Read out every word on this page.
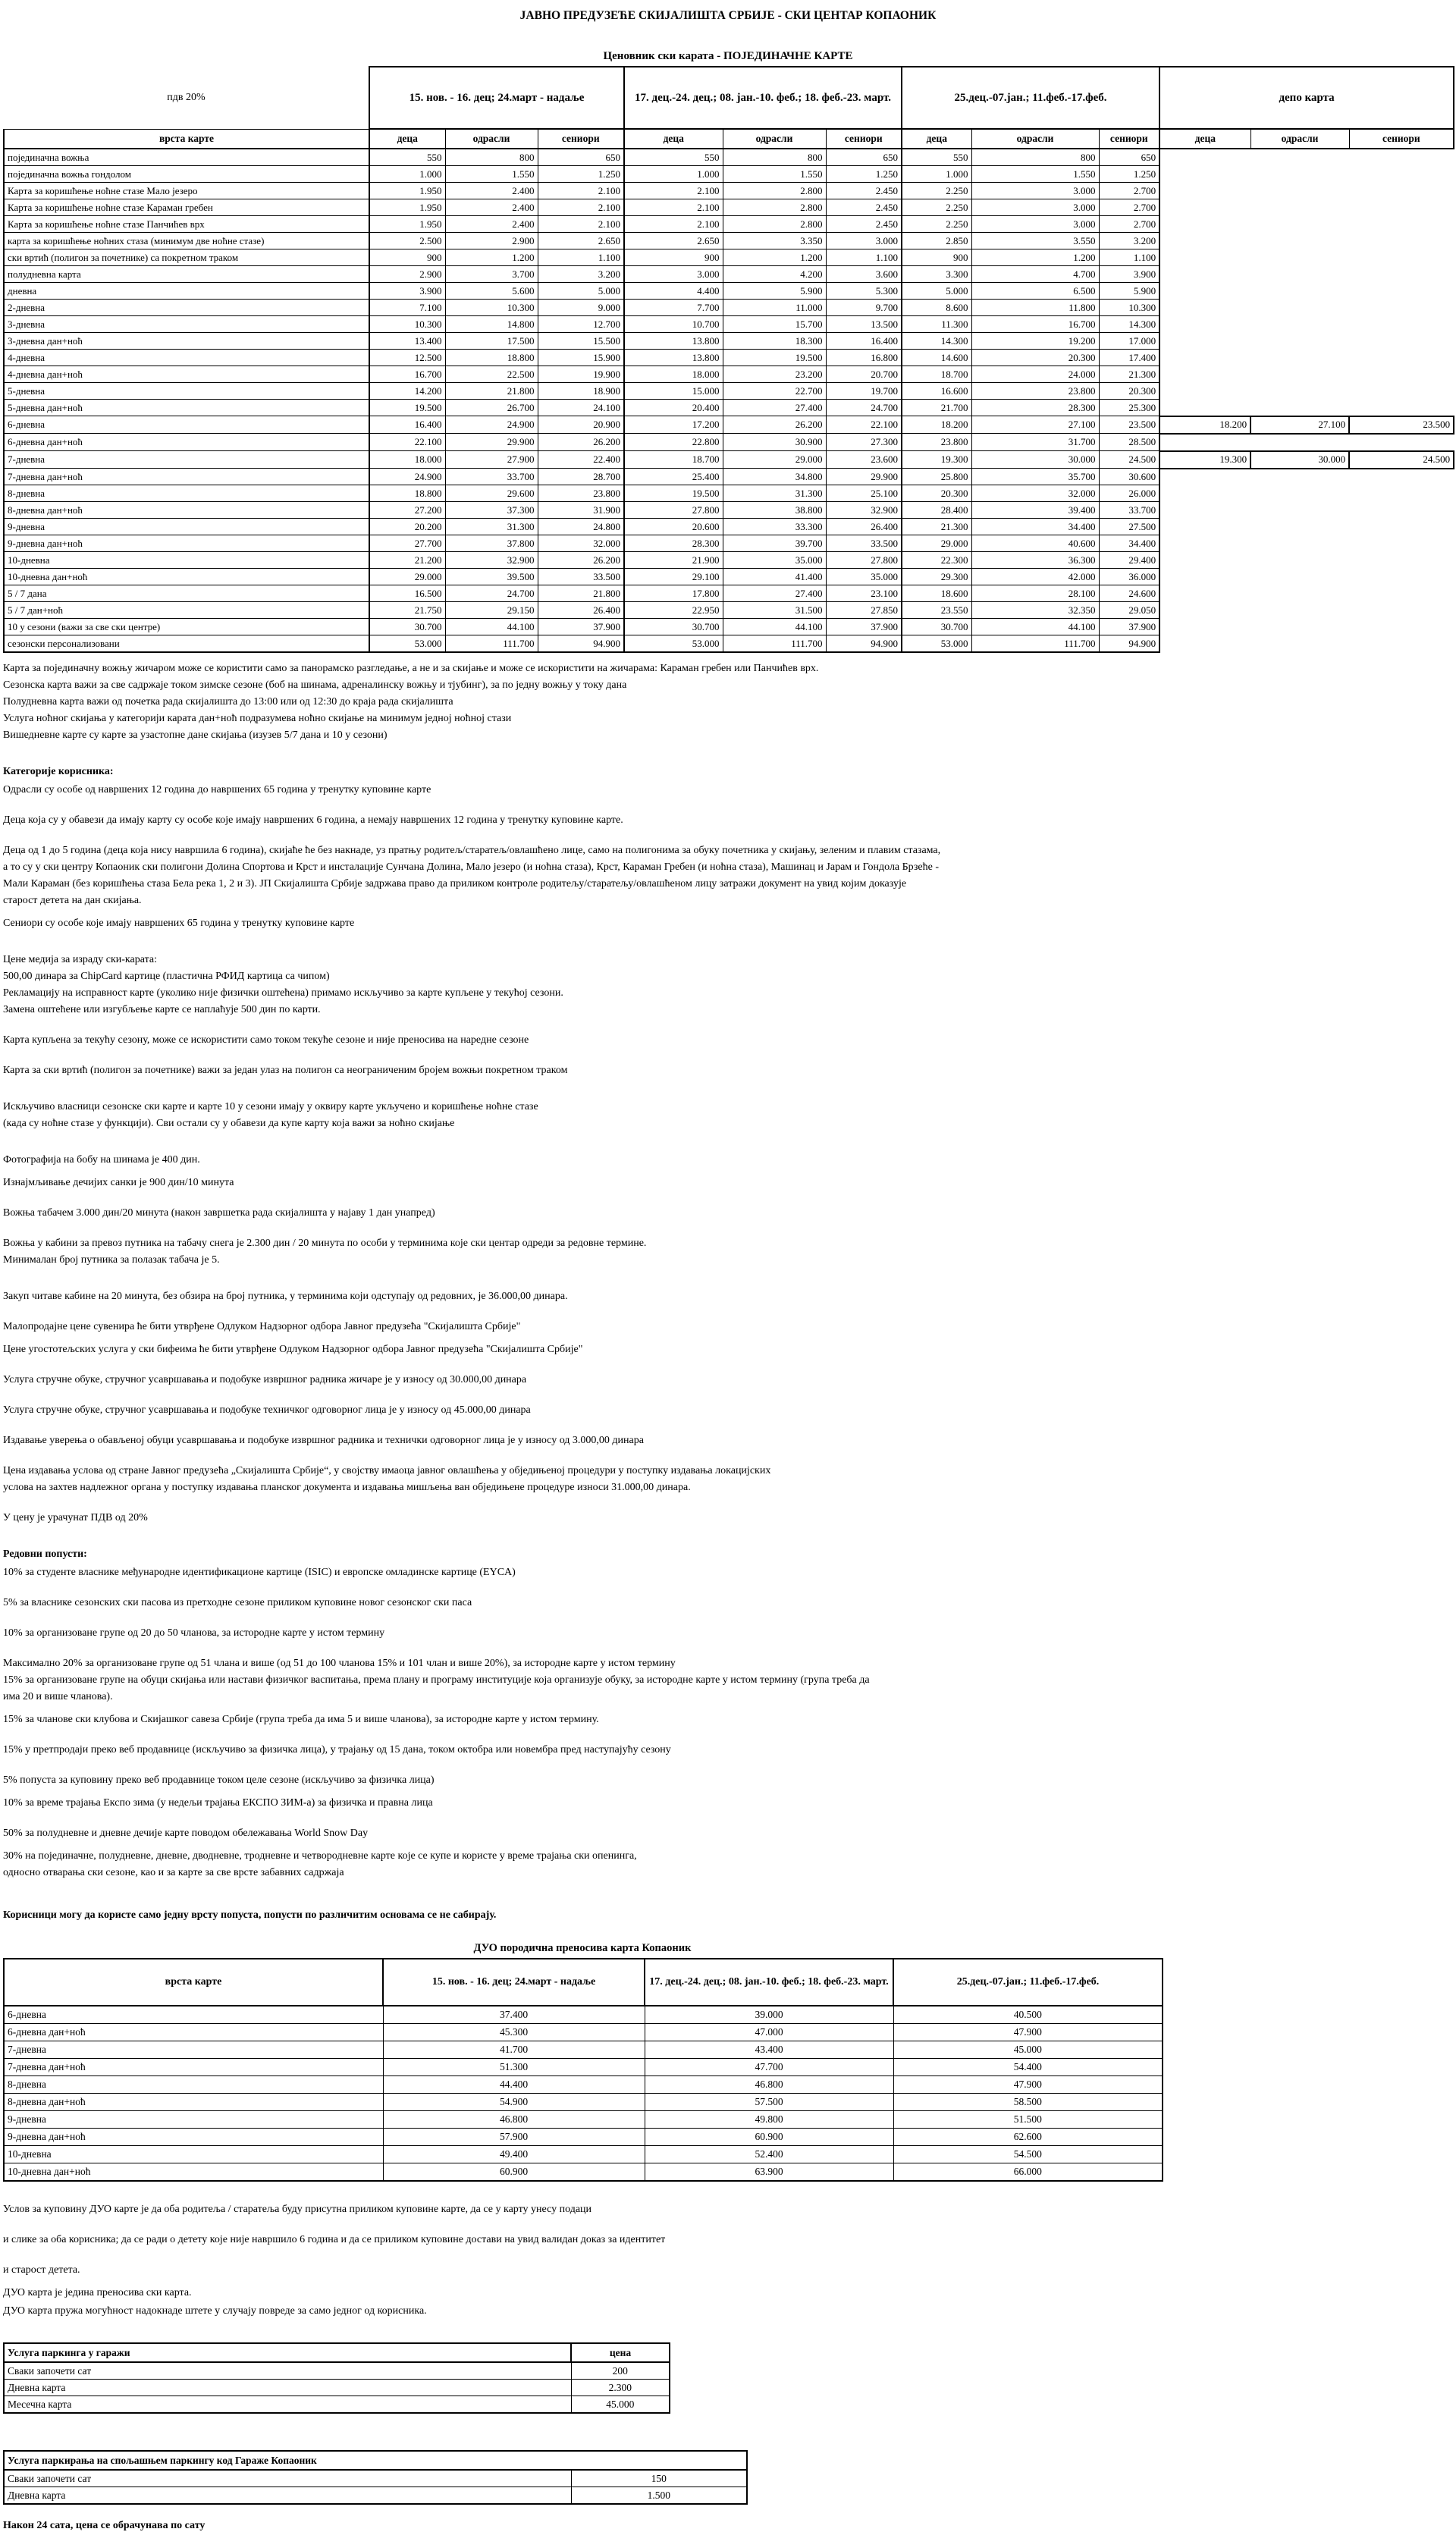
ЈАВНО ПРЕДУЗЕЋЕ СКИЈАЛИШТА СРБИЈЕ - СКИ ЦЕНТАР КОПАОНИК
Ценовник ски карата - ПОЈЕДИНАЧНЕ КАРТЕ
пдв 20%	15. нов. - 16. дец; 24.март - надаље			17. дец.-24. дец.; 08. јан.-10. феб.; 18. феб.-23. март.			25.дец.-07.јан.; 11.феб.-17.феб.			депо карта		
врста карте	деца	одрасли	сениори	деца	одрасли	сениори	деца	одрасли	сениори	деца	одрасли	сениори
појединачна вожња	550	800	650	550	800	650	550	800	650			
појединачна вожња гондолом	1.000	1.550	1.250	1.000	1.550	1.250	1.000	1.550	1.250			
Карта за коришћење ноћне стазе Мало језеро	1.950	2.400	2.100	2.100	2.800	2.450	2.250	3.000	2.700			
Карта за коришћење ноћне стазе Караман гребен	1.950	2.400	2.100	2.100	2.800	2.450	2.250	3.000	2.700			
Карта за коришћење ноћне стазе Панчићев врх	1.950	2.400	2.100	2.100	2.800	2.450	2.250	3.000	2.700			
карта за коришћење ноћних стаза (минимум две ноћне стазе)	2.500	2.900	2.650	2.650	3.350	3.000	2.850	3.550	3.200			
ски вртић (полигон за почетнике) са покретном траком	900	1.200	1.100	900	1.200	1.100	900	1.200	1.100			
полудневна карта	2.900	3.700	3.200	3.000	4.200	3.600	3.300	4.700	3.900			
дневна	3.900	5.600	5.000	4.400	5.900	5.300	5.000	6.500	5.900			
2-дневна	7.100	10.300	9.000	7.700	11.000	9.700	8.600	11.800	10.300			
3-дневна	10.300	14.800	12.700	10.700	15.700	13.500	11.300	16.700	14.300			
3-дневна дан+ноћ	13.400	17.500	15.500	13.800	18.300	16.400	14.300	19.200	17.000			
4-дневна	12.500	18.800	15.900	13.800	19.500	16.800	14.600	20.300	17.400			
4-дневна дан+ноћ	16.700	22.500	19.900	18.000	23.200	20.700	18.700	24.000	21.300			
5-дневна	14.200	21.800	18.900	15.000	22.700	19.700	16.600	23.800	20.300			
5-дневна дан+ноћ	19.500	26.700	24.100	20.400	27.400	24.700	21.700	28.300	25.300			
6-дневна	16.400	24.900	20.900	17.200	26.200	22.100	18.200	27.100	23.500	18.200	27.100	23.500
6-дневна дан+ноћ	22.100	29.900	26.200	22.800	30.900	27.300	23.800	31.700	28.500			
7-дневна	18.000	27.900	22.400	18.700	29.000	23.600	19.300	30.000	24.500	19.300	30.000	24.500
7-дневна дан+ноћ	24.900	33.700	28.700	25.400	34.800	29.900	25.800	35.700	30.600			
8-дневна	18.800	29.600	23.800	19.500	31.300	25.100	20.300	32.000	26.000			
8-дневна дан+ноћ	27.200	37.300	31.900	27.800	38.800	32.900	28.400	39.400	33.700			
9-дневна	20.200	31.300	24.800	20.600	33.300	26.400	21.300	34.400	27.500			
9-дневна дан+ноћ	27.700	37.800	32.000	28.300	39.700	33.500	29.000	40.600	34.400			
10-дневна	21.200	32.900	26.200	21.900	35.000	27.800	22.300	36.300	29.400			
10-дневна дан+ноћ	29.000	39.500	33.500	29.100	41.400	35.000	29.300	42.000	36.000			
5 / 7 дана	16.500	24.700	21.800	17.800	27.400	23.100	18.600	28.100	24.600			
5 / 7 дан+ноћ	21.750	29.150	26.400	22.950	31.500	27.850	23.550	32.350	29.050			
10 у сезони (важи за све ски центре)	30.700	44.100	37.900	30.700	44.100	37.900	30.700	44.100	37.900			
сезонски персонализовани	53.000	111.700	94.900	53.000	111.700	94.900	53.000	111.700	94.900			
Карта за појединачну вожњу жичаром може се користити само за панорамско разгледање, а не и за скијање и може се искористити на жичарама: Караман гребен или Панчићев врх.
Сезонска карта важи за све садржаје током зимске сезоне (боб на шинама, адреналинску вожњу и тјубинг), за по једну вожњу у току дана
Полудневна карта важи од почетка рада скијалишта до 13:00 или од 12:30 до краја рада скијалишта
Услуга ноћног скијања у категорији карата дан+ноћ подразумева ноћно скијање на минимум једној ноћној стази
Вишедневне карте су карте за узастопне дане скијања (изузев 5/7 дана и 10 у сезони)
Категорије корисника:
Одрасли су особе од навршених 12 година до навршених 65 година у тренутку куповине карте
Деца која су у обавези да имају карту су особе које имају навршених 6 година, а немају навршених 12 година у тренутку куповине карте.
Деца од 1 до 5 година (деца која нису навршила 6 година), скијаће ће без накнаде, уз пратњу родитељ/старатељ/овлашћено лице, само на полигонима за обуку почетника у скијању, зеленим и плавим стазама,
а то су у ски центру Копаоник ски полигони Долина Спортова и Крст и инсталације Сунчана Долина, Мало језеро (и ноћна стаза), Крст, Караман Гребен (и ноћна стаза), Машинац и Јарам и Гондола Брзеће -
Мали Караман (без коришћења стаза Бела река 1, 2 и 3). ЈП Скијалишта Србије задржава право да приликом контроле родитељу/старатељу/овлашћеном лицу затражи документ на увид којим доказује
старост детета на дан скијања.
Сениори су особе које имају навршених 65 година у тренутку куповине карте
Цене медија за израду ски-карата:
500,00 динара за ChipCard картице (пластична РФИД картица са чипом)
Рекламацију на исправност карте (уколико није физички оштећена) примамо искључиво за карте купљене у текућој сезони.
Замена оштећене или изгубљење карте се наплаћује 500 дин по карти.
Карта купљена за текућу сезону, може се искористити само током текуће сезоне и није преносива на наредне сезоне
Карта за ски вртић (полигон за почетнике) важи за један улаз на полигон са неограниченим бројем вожњи покретном траком
Искључиво власници сезонске ски карте и карте 10 у сезони имају у оквиру карте укључено и коришћење ноћне стазе
(када су ноћне стазе у функцији). Сви остали су у обавези да купе карту која важи за ноћно скијање
Фотографија на бобу на шинама је 400 дин.
Изнајмљивање дечијих санки је 900 дин/10 минута
Вожња табачем 3.000 дин/20 минута (након завршетка рада скијалишта у најаву 1 дан унапред)
Вожња у кабини за превоз путника на табачу снега је 2.300 дин / 20 минута по особи у терминима које ски центар одреди за редовне термине.
Минималан број путника за полазак табача је 5.
Закуп читаве кабине на 20 минута, без обзира на број путника, у терминима који одступају од редовних, је 36.000,00 динара.
Малопродајне цене сувенира ће бити утврђене Одлуком Надзорног одбора Јавног предузећа "Скијалишта Србије"
Цене угостотељских услуга у ски бифеима ће бити утврђене Одлуком Надзорног одбора Јавног предузећа "Скијалишта Србије"
Услуга стручне обуке, стручног усавршавања и подобуке извршног радника жичаре је у износу од 30.000,00 динара
Услуга стручне обуке, стручног усавршавања и подобуке техничког одговорног лица је у износу од 45.000,00 динара
Издавање уверења о обављеној обуци усавршавања и подобуке извршног радника и технички одговорног лица је у износу од 3.000,00 динара
Цена издавања услова од стране Јавног предузећа „Скијалишта Србије“, у својству имаоца јавног овлашћења у обједињеној процедури у поступку издавања локацијских
услова на захтев надлежног органа у поступку издавања планског документа и издавања мишљења ван обједињене процедуре износи 31.000,00 динара.
У цену је урачунат ПДВ од 20%
Редовни попусти:
10% за студенте власнике међународне идентификационе картице (ISIC) и европске омладинске картице (EYCA)
5% за власнике сезонских ски пасова из претходне сезоне приликом куповине новог сезонског ски паса
10% за организоване групе од 20 до 50 чланова, за истородне карте у истом термину
Максимално 20% за организоване групе од 51 члана и више (од 51 до 100 чланова 15% и 101 члан и више 20%), за истородне карте у истом термину
15% за организоване групе на обуци скијања или настави физичког васпитања, према плану и програму институције која организује обуку, за истородне карте у истом термину (група треба да
има 20 и више чланова).
15% за чланове ски клубова и Скијашког савеза Србије (група треба да има 5 и више чланова), за истородне карте у истом термину.
15% у претпродаји преко веб продавнице (искључиво за физичка лица), у трајању од 15 дана, током октобра или новембра пред наступајућу сезону
5% попуста за куповину преко веб продавнице током целе сезоне (искључиво за физичка лица)
10% за време трајања Експо зима (у недељи трајања ЕКСПО ЗИМ-а) за физичка и правна лица
50% за полудневне и дневне дечије карте поводом обележавања World Snow Day
30% на појединачне, полудневне, дневне, дводневне, тродневне и четвородневне карте које се купе и користе у време трајања ски опенинга,
односно отварања ски сезоне, као и за карте за све врсте забавних садржаја
Корисници могу да користе само једну врсту попуста, попусти по различитим основама се не сабирају.
ДУО породична преносива карта Копаоник
врста карте	15. нов. - 16. дец; 24.март - надаље	17. дец.-24. дец.; 08. јан.-10. феб.; 18. феб.-23. март.	25.дец.-07.јан.; 11.феб.-17.феб.
6-дневна	37.400	39.000	40.500
6-дневна дан+ноћ	45.300	47.000	47.900
7-дневна	41.700	43.400	45.000
7-дневна дан+ноћ	51.300	47.700	54.400
8-дневна	44.400	46.800	47.900
8-дневна дан+ноћ	54.900	57.500	58.500
9-дневна	46.800	49.800	51.500
9-дневна дан+ноћ	57.900	60.900	62.600
10-дневна	49.400	52.400	54.500
10-дневна дан+ноћ	60.900	63.900	66.000
Услов за куповину ДУО карте је да оба родитеља / старатеља буду присутна приликом куповине карте, да се у карту унесу подаци
и слике за оба корисника; да се ради о детету које није навршило 6 година и да се приликом куповине достави на увид валидан доказ за идентитет
и старост детета.
ДУО карта је једина преносива ски карта.
ДУО карта пружа могућност надокнаде штете у случају повреде за само једног од корисника.
Услуга паркинга у гаражи	цена
Сваки започети сат	200
Дневна карта	2.300
Месечна карта	45.000
Услуга паркирања на спољашњем паркингу код Гараже Копаоник	
Сваки започети сат	150
Дневна карта	1.500
Након 24 сата, цена се обрачунава по сату
